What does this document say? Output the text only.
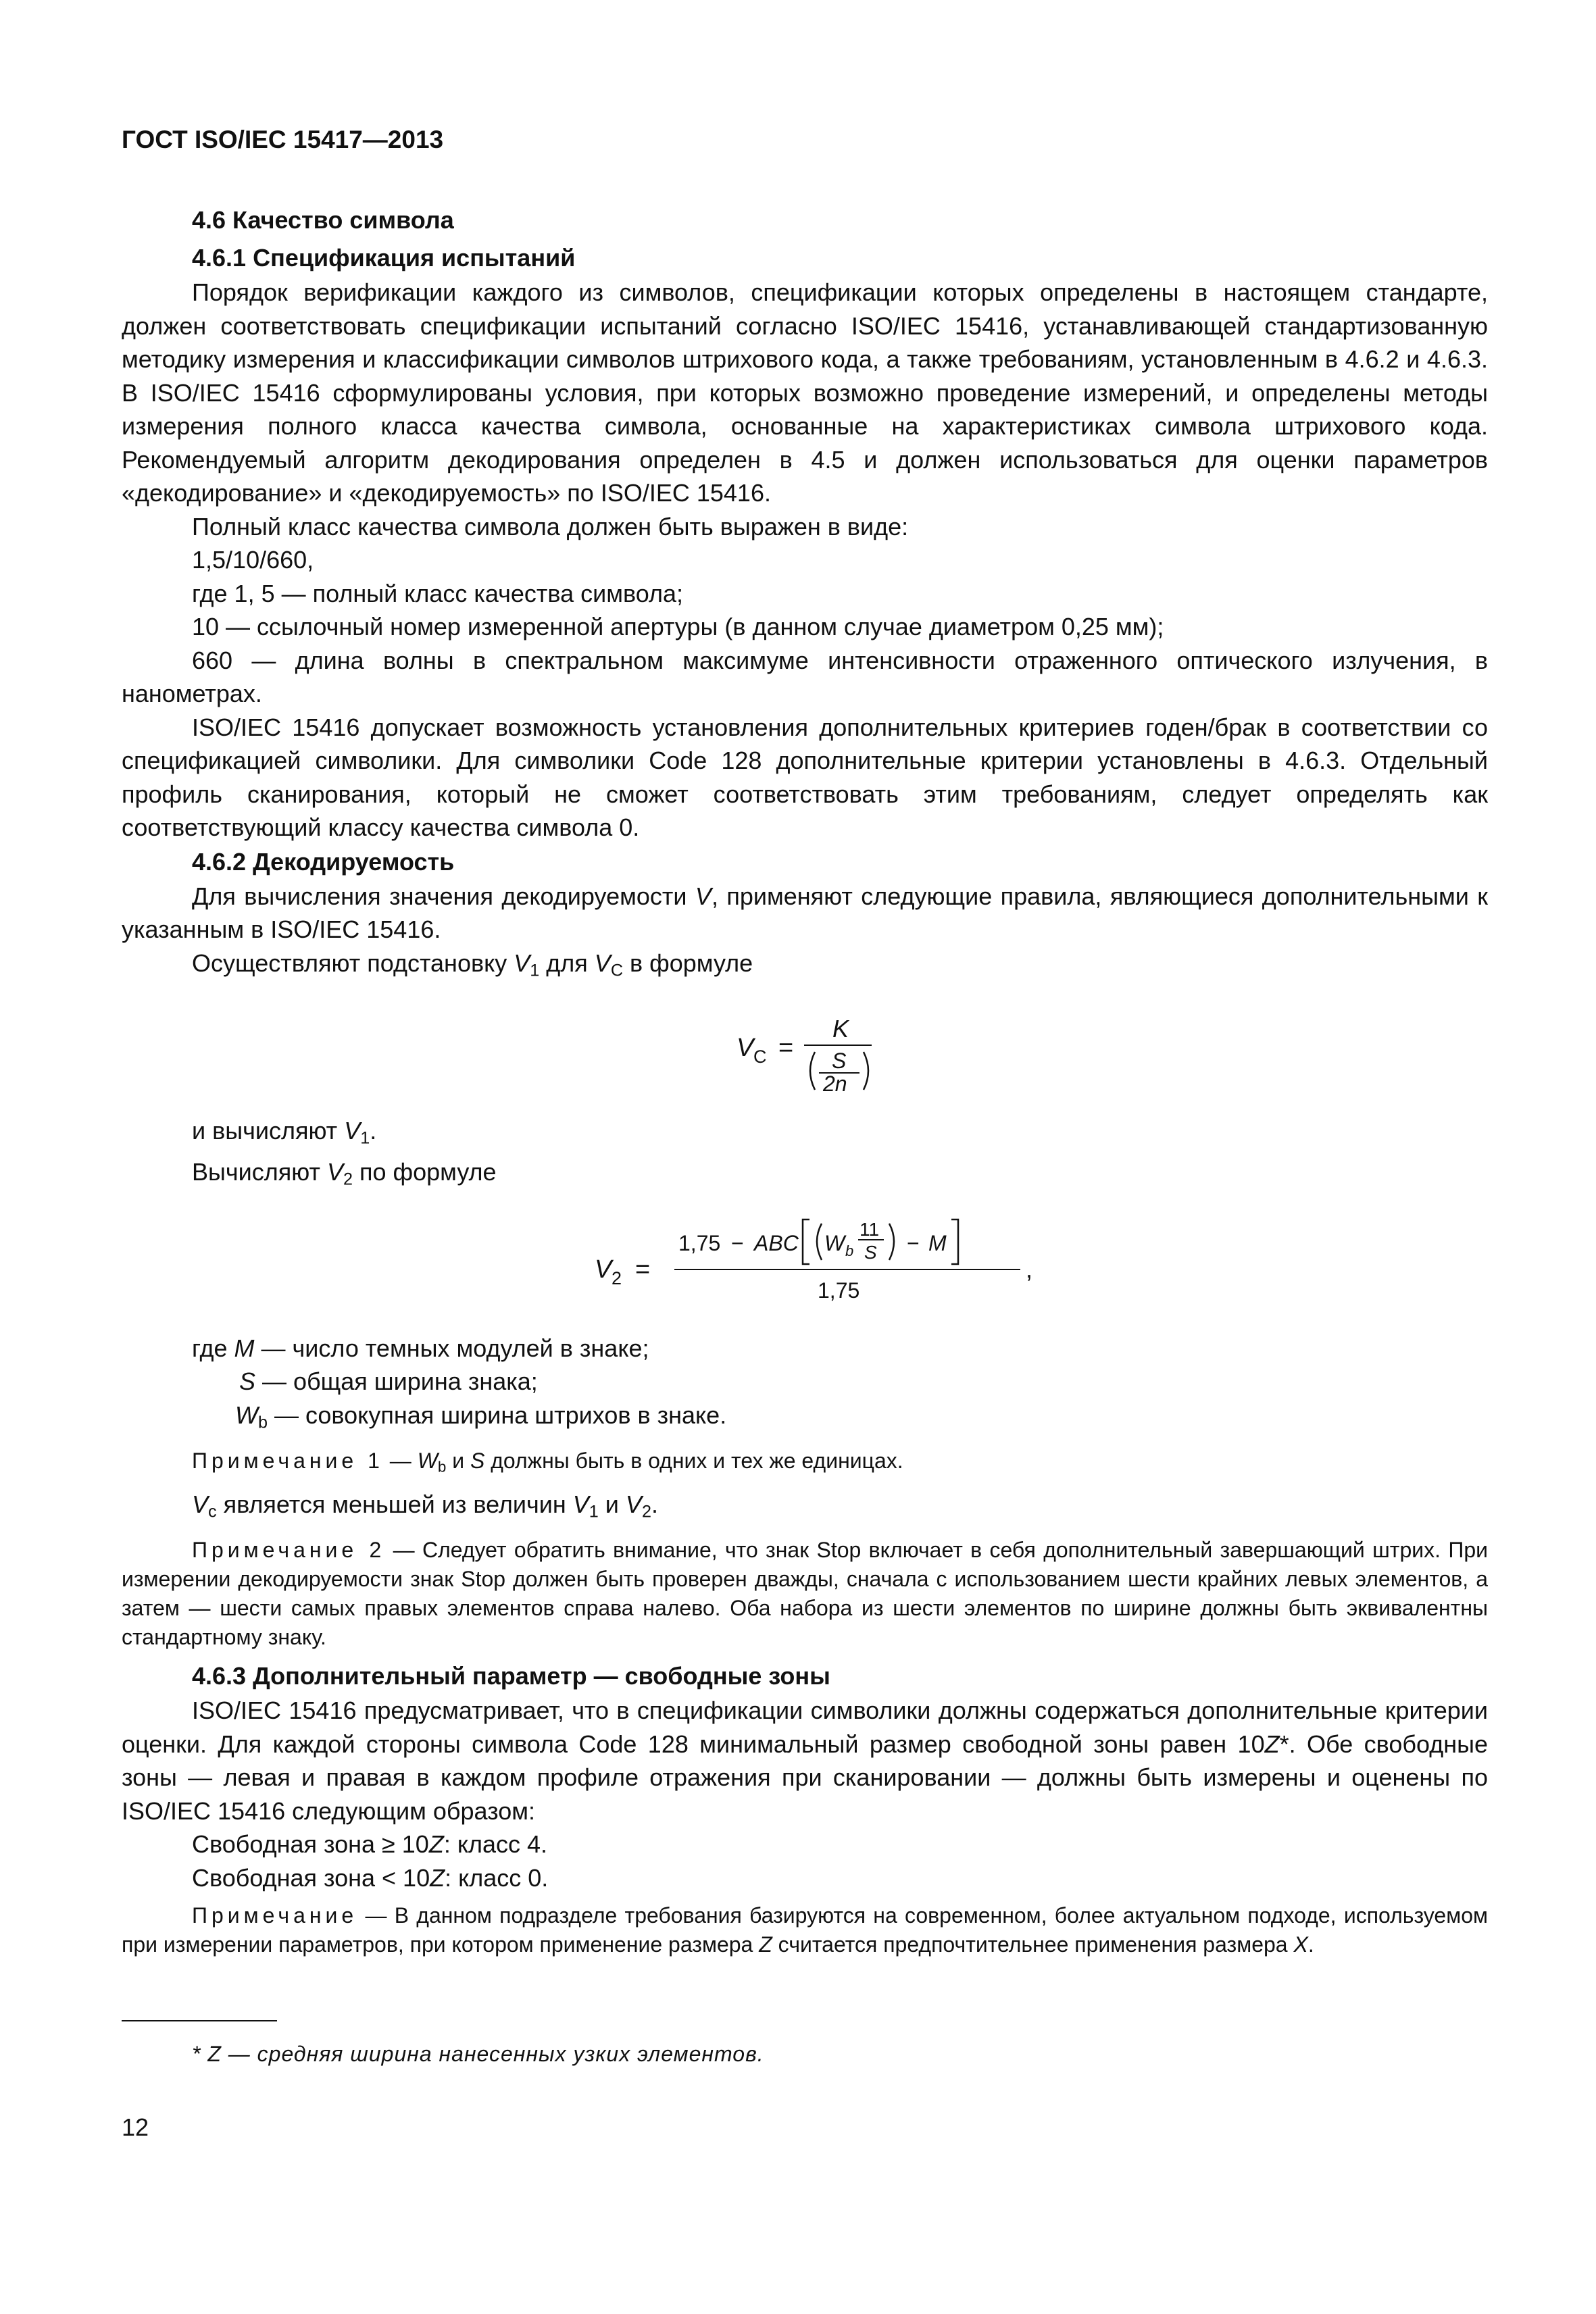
ГОСТ ISO/IEC 15417—2013
4.6 Качество символа
4.6.1 Спецификация испытаний

Порядок верификации каждого из символов, спецификации которых определены в настоящем стандарте, должен соответствовать спецификации испытаний согласно ISO/IEC 15416, устанавливающей стандартизованную методику измерения и классификации символов штрихового кода, а также требованиям, установленным в 4.6.2 и 4.6.3. В ISO/IEC 15416 сформулированы условия, при которых возможно проведение измерений, и определены методы измерения полного класса качества символа, основанные на характеристиках символа штрихового кода. Рекомендуемый алгоритм декодирования определен в 4.5 и должен использоваться для оценки параметров «декодирование» и «декодируемость» по ISO/IEC 15416.

Полный класс качества символа должен быть выражен в виде:

1,5/10/660,

где 1, 5 — полный класс качества символа;

10 — ссылочный номер измеренной апертуры (в данном случае диаметром 0,25 мм);

660 — длина волны в спектральном максимуме интенсивности отраженного оптического излучения, в нанометрах.

ISO/IEC 15416 допускает возможность установления дополнительных критериев годен/брак в соответствии со спецификацией символики. Для символики Code 128 дополнительные критерии установлены в 4.6.3. Отдельный профиль сканирования, который не сможет соответствовать этим требованиям, следует определять как соответствующий классу качества символа 0.

4.6.2 Декодируемость

Для вычисления значения декодируемости V, применяют следующие правила, являющиеся дополнительными к указанным в ISO/IEC 15416.

Осуществляют подстановку $V_1$ для $V_C$ в формуле

V C =
K
S
2n

и вычисляют $V_1$.

Вычисляют $V_2$ по формуле

V 2 =
1,75 − ABC W b
11
S − M
1,75
,

где M — число темных модулей в знаке;

S — общая ширина знака;

$W_b$ — совокупная ширина штрихов в знаке.

Примечание 1 — $W_b$ и S должны быть в одних и тех же единицах.

$V_c$ является меньшей из величин $V_1$ и $V_2$.

Примечание 2 — Следует обратить внимание, что знак Stop включает в себя дополнительный завершающий штрих. При измерении декодируемости знак Stop должен быть проверен дважды, сначала с использованием шести крайних левых элементов, а затем — шести самых правых элементов справа налево. Оба набора из шести элементов по ширине должны быть эквивалентны стандартному знаку.
4.6.3 Дополнительный параметр — свободные зоны

ISO/IEC 15416 предусматривает, что в спецификации символики должны содержаться дополнительные критерии оценки. Для каждой стороны символа Code 128 минимальный размер свободной зоны равен 10Z*. Обе свободные зоны — левая и правая в каждом профиле отражения при сканировании — должны быть измерены и оценены по ISO/IEC 15416 следующим образом:

Свободная зона ≥ 10Z: класс 4.

Свободная зона < 10Z: класс 0.

Примечание — В данном подразделе требования базируются на современном, более актуальном подходе, используемом при измерении параметров, при котором применение размера Z считается предпочтительнее применения размера X.
* Z — средняя ширина нанесенных узких элементов.
12
